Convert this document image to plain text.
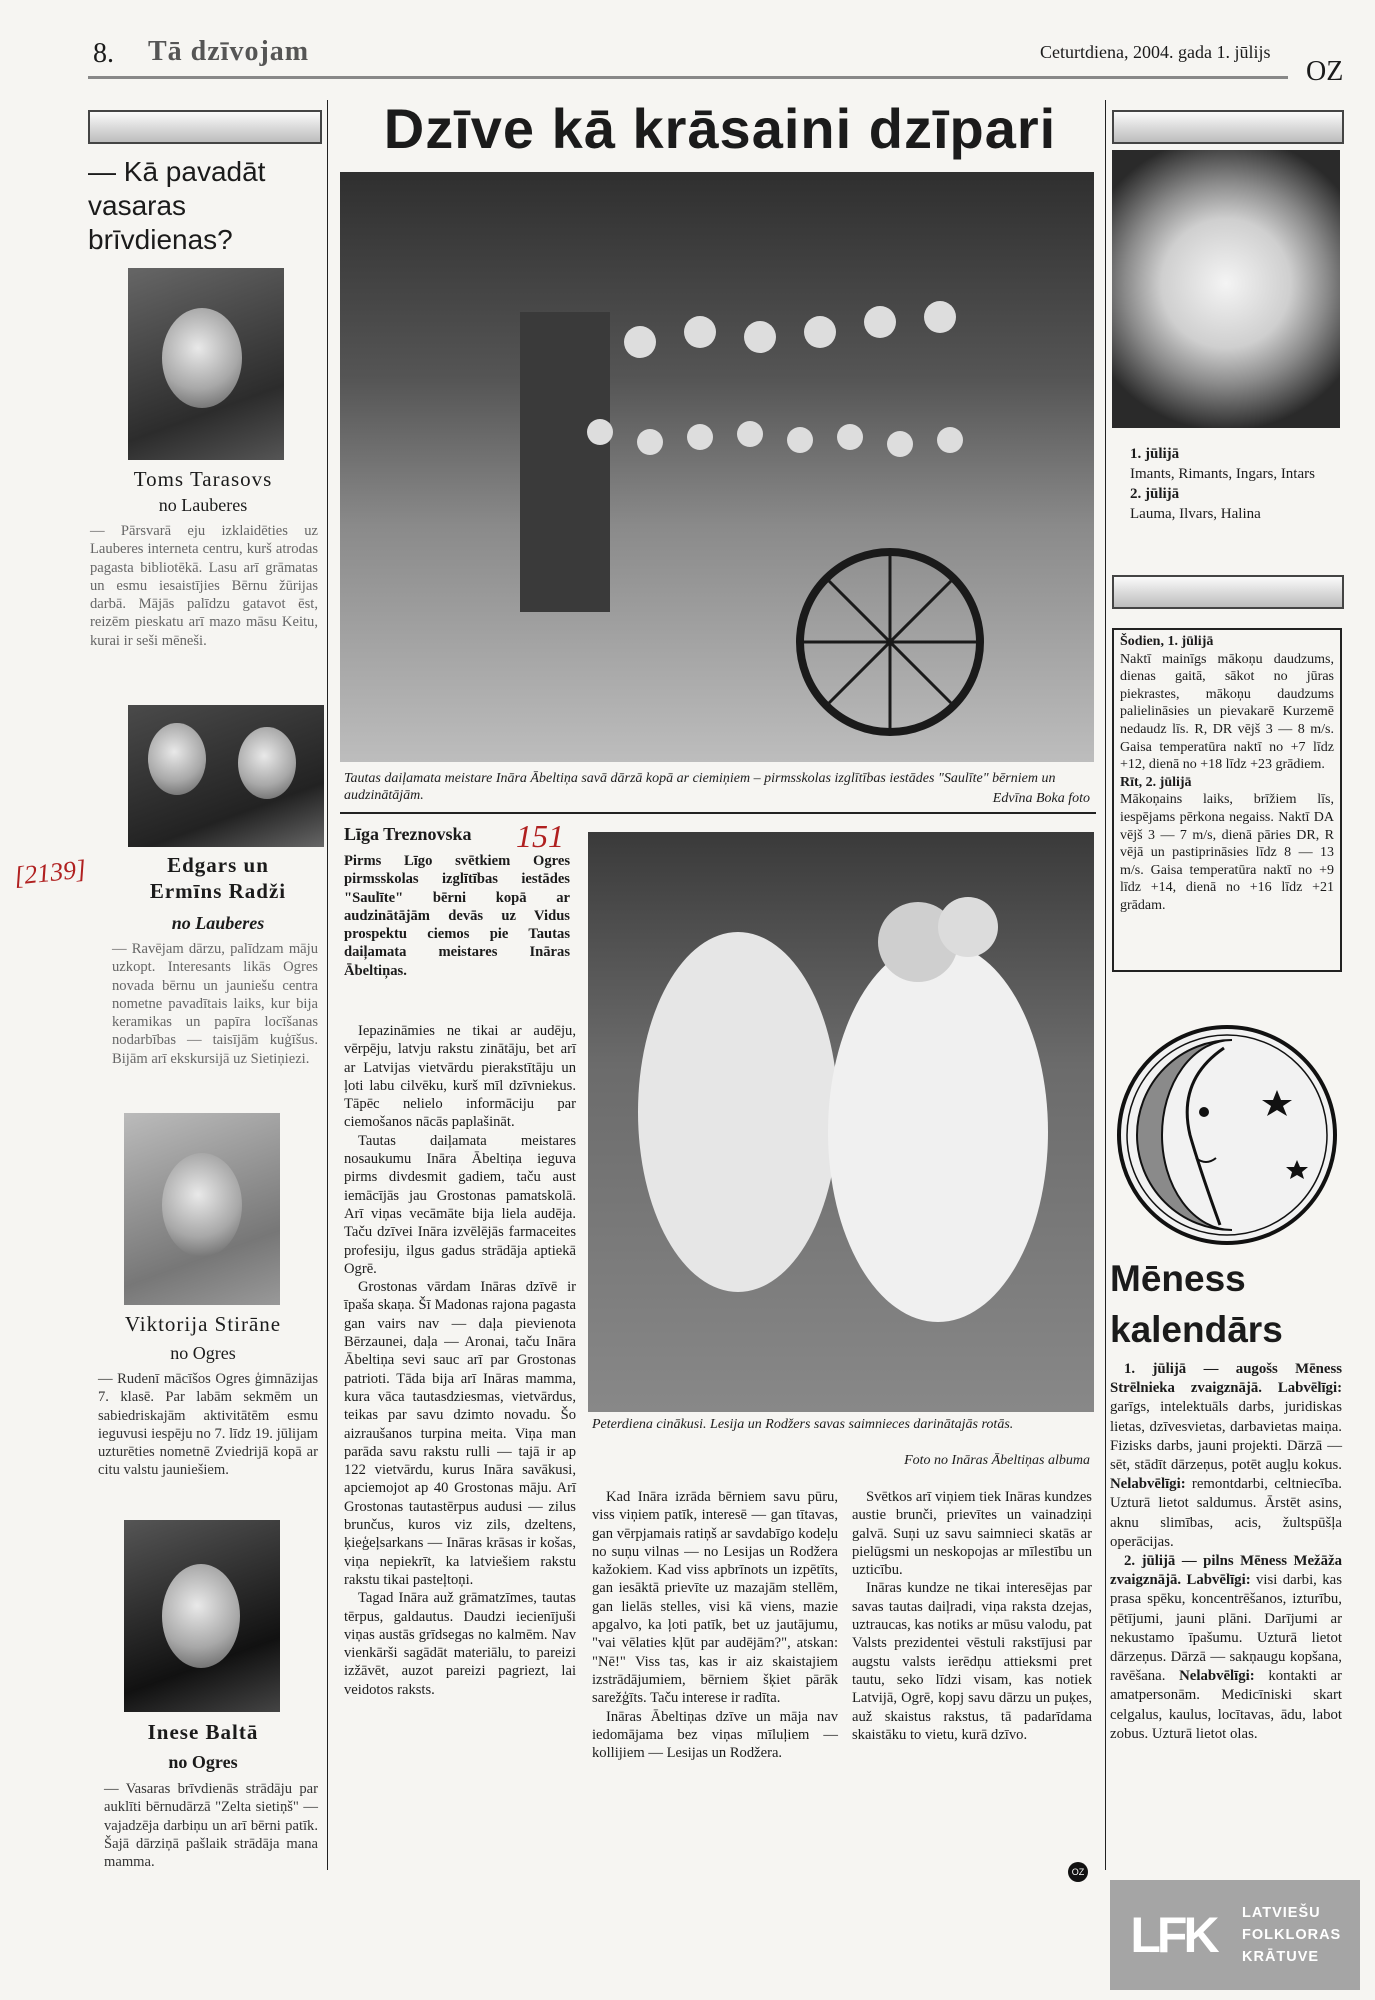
8. Tā dzīvojam	Ceturtdiena, 2004. gada 1. jūlijs
OZ
— Kā pavadāt vasaras brīvdienas?
Toms Tarasovs
no Lauberes
— Pārsvarā eju izklaidēties uz Lauberes interneta centru, kurš atrodas pagasta bibliotēkā. Lasu arī grāmatas un esmu iesaistījies Bērnu žūrijas darbā. Mājās palīdzu gatavot ēst, reizēm pieskatu arī mazo māsu Keitu, kurai ir seši mēneši.
Edgars un Ermīns Radži
no Lauberes
— Ravējam dārzu, palīdzam māju uzkopt. Interesants likās Ogres novada bērnu un jauniešu centra nometne pavadītais laiks, kur bija keramikas un papīra locīšanas nodarbības — taisījām kuģīšus. Bijām arī ekskursijā uz Sietiņiezi.
Viktorija Stirāne
no Ogres
— Rudenī mācīšos Ogres ģimnāzijas 7. klasē. Par labām sekmēm un sabiedriskajām aktivitātēm esmu ieguvusi iespēju no 7. līdz 19. jūlijam uzturēties nometnē Zviedrijā kopā ar citu valstu jauniešiem.
Inese Baltā
no Ogres
— Vasaras brīvdienās strādāju par auklīti bērnudārzā "Zelta sietiņš" — vajadzēja darbiņu un arī bērni patīk. Šajā dārziņā pašlaik strādāja mana mamma.
[2139]
Dzīve kā krāsaini dzīpari
Tautas daiļamata meistare Ināra Ābeltiņa savā dārzā kopā ar ciemiņiem – pirmsskolas izglītības iestādes "Saulīte" bērniem un audzinātājām.	Edvīna Boka foto
Līga Treznovska 151
Pirms Līgo svētkiem Ogres pirmsskolas izglītības iestādes "Saulīte" bērni kopā ar audzinātājām devās uz Vidus prospektu ciemos pie Tautas daiļamata meistares Ināras Ābeltiņas.

Iepazināmies ne tikai ar audēju, vērpēju, latvju rakstu zinātāju, bet arī ar Latvijas vietvārdu pierakstītāju un ļoti labu cilvēku, kurš mīl dzīvniekus. Tāpēc nelielo informāciju par ciemošanos nācās paplašināt.

Tautas daiļamata meistares nosaukumu Ināra Ābeltiņa ieguva pirms divdesmit gadiem, taču aust iemācījās jau Grostonas pamatskolā. Arī viņas vecāmāte bija liela audēja. Taču dzīvei Ināra izvēlējās farmaceites profesiju, ilgus gadus strādāja aptiekā Ogrē.

Grostonas vārdam Ināras dzīvē ir īpaša skaņa. Šī Madonas rajona pagasta gan vairs nav — daļa pievienota Bērzaunei, daļa — Aronai, taču Ināra Ābeltiņa sevi sauc arī par Grostonas patrioti. Tāda bija arī Ināras mamma, kura vāca tautasdziesmas, vietvārdus, teikas par savu dzimto novadu. Šo aizraušanos turpina meita. Viņa man parāda savu rakstu rulli — tajā ir ap 122 vietvārdu, kurus Ināra savākusi, apciemojot ap 40 Grostonas māju. Arī Grostonas tautastērpus audusi — zilus brunčus, kuros viz zils, dzeltens, ķieģeļsarkans — Ināras krāsas ir košas, viņa nepiekrīt, ka latviešiem rakstu rakstu tikai pasteļtoņi.

Tagad Ināra auž grāmatzīmes, tautas tērpus, galdautus. Daudzi iecienījuši viņas austās grīdsegas no kalmēm. Nav vienkārši sagādāt materiālu, to pareizi izžāvēt, auzot pareizi pagriezt, lai veidotos raksts.

Peterdiena cinākusi. Lesija un Rodžers savas saimnieces darinātajās rotās.
Foto no Ināras Ābeltiņas albuma

Kad Ināra izrāda bērniem savu pūru, viss viņiem patīk, interesē — gan tītavas, gan vērpjamais ratiņš ar savdabīgo kodeļu no suņu vilnas — no Lesijas un Rodžera kažokiem. Kad viss apbrīnots un izpētīts, gan iesāktā prievīte uz mazajām stellēm, gan lielās stelles, visi kā viens, mazie apgalvo, ka ļoti patīk, bet uz jautājumu, "vai vēlaties kļūt par audējām?", atskan: "Nē!" Viss tas, kas ir aiz skaistajiem izstrādājumiem, bērniem šķiet pārāk sarežģīts. Taču interese ir radīta.

Ināras Ābeltiņas dzīve un māja nav iedomājama bez viņas mīluļiem — kollijiem — Lesijas un Rodžera.

Svētkos arī viņiem tiek Ināras kundzes austie brunči, prievītes un vainadziņi galvā. Suņi uz savu saimnieci skatās ar pielūgsmi un neskopojas ar mīlestību un uzticību.

Ināras kundze ne tikai interesējas par savas tautas daiļradi, viņa raksta dzejas, uztraucas, kas notiks ar mūsu valodu, pat Valsts prezidentei vēstuli rakstījusi par augstu valsts ierēdņu attieksmi pret tautu, seko līdzi visam, kas notiek Latvijā, Ogrē, kopj savu dārzu un puķes, auž skaistus rakstus, tā padarīdama skaistāku to vietu, kurā dzīvo.

1. jūlijā
Imants, Rimants, Ingars, Intars
2. jūlijā
Lauma, Ilvars, Halina
Šodien, 1. jūlijā
Naktī mainīgs mākoņu daudzums, dienas gaitā, sākot no jūras piekrastes, mākoņu daudzums palielināsies un pievakarē Kurzemē nedaudz līs. R, DR vējš 3 — 8 m/s. Gaisa temperatūra naktī no +7 līdz +12, dienā no +18 līdz +23 grādiem.
Rīt, 2. jūlijā
Mākoņains laiks, brīžiem līs, iespējams pērkona negaiss. Naktī DA vējš 3 — 7 m/s, dienā pāries DR, R vējā un pastiprināsies līdz 8 — 13 m/s. Gaisa temperatūra naktī no +9 līdz +14, dienā no +16 līdz +21 grādam.
Mēness kalendārs
1. jūlijā — augošs Mēness Strēlnieka zvaigznājā. Labvēlīgi: garīgs, intelektuāls darbs, juridiskas lietas, dzīvesvietas, darbavietas maiņa. Fizisks darbs, jauni projekti. Dārzā — sēt, stādīt dārzeņus, potēt augļu kokus. Nelabvēlīgi: remontdarbi, celtniecība. Uzturā lietot saldumus. Ārstēt asins, aknu slimības, acis, žultspūšļa operācijas.
2. jūlijā — pilns Mēness Mežāža zvaigznājā. Labvēlīgi: visi darbi, kas prasa spēku, koncentrēšanos, izturību, pētījumi, jauni plāni. Darījumi ar nekustamo īpašumu. Uzturā lietot dārzeņus. Dārzā — sakņaugu kopšana, ravēšana. Nelabvēlīgi: kontakti ar amatpersonām. Medicīniski skart celgalus, kaulus, locītavas, ādu, labot zobus. Uzturā lietot olas.
OZ
LFK	LATVIEŠU
FOLKLORAS
KRĀTUVE
